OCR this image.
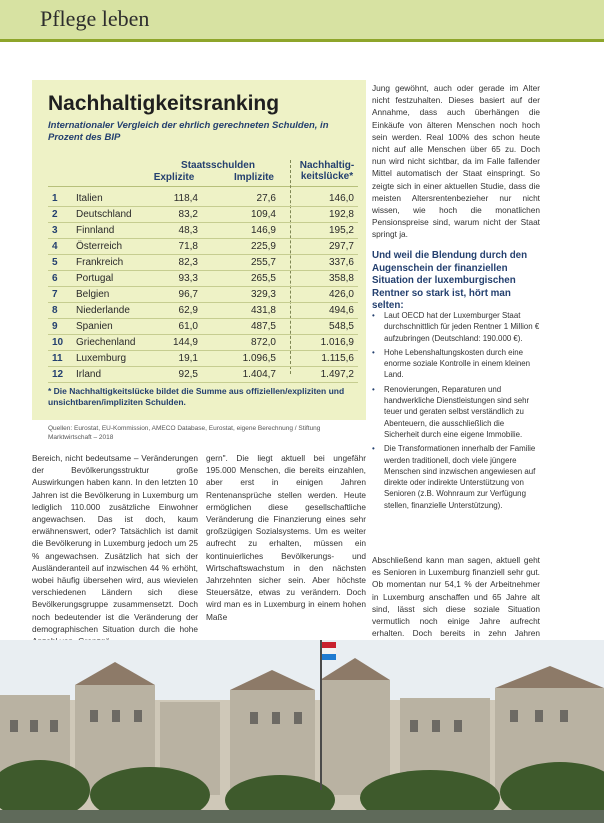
Pflege leben
Nachhaltigkeitsranking
Internationaler Vergleich der ehrlich gerechneten Schulden, in Prozent des BIP
Staatsschulden
Explizite	Implizite
Nachhaltig-
keitslücke*
1	Italien	118,4	27,6	146,0
2	Deutschland	83,2	109,4	192,8
3	Finnland	48,3	146,9	195,2
4	Österreich	71,8	225,9	297,7
5	Frankreich	82,3	255,7	337,6
6	Portugal	93,3	265,5	358,8
7	Belgien	96,7	329,3	426,0
8	Niederlande	62,9	431,8	494,6
9	Spanien	61,0	487,5	548,5
10 Griechenland	144,9	872,0	1.016,9
11	Luxemburg	19,1	1.096,5	1.115,6
12 Irland	92,5	1.404,7	1.497,2
* Die Nachhaltigkeitslücke bildet die Summe aus offiziellen/expliziten und unsichtbaren/impliziten Schulden.
Quellen: Eurostat, EU-Kommission, AMECO Database, Eurostat, eigene Berechnung / Stiftung Marktwirtschaft – 2018
Bereich, nicht bedeutsame – Veränderungen der Bevölkerungsstruktur große Auswirkungen haben kann. In den letzten 10 Jahren ist die Bevölkerung in Luxemburg um lediglich 110.000 zusätzliche Einwohner angewachsen. Das ist doch, kaum erwähnenswert, oder? Tatsächlich ist damit die Bevölkerung in Luxemburg jedoch um 25 % angewachsen. Zusätzlich hat sich der Ausländeranteil auf inzwischen 44 % erhöht, wobei häufig übersehen wird, aus wievielen verschiedenen Ländern sich diese Bevölkerungsgruppe zusammensetzt. Doch noch bedeutender ist die Veränderung der demographischen Situation durch die hohe
gern". Die liegt aktuell bei ungefähr 195.000 Menschen, die bereits einzahlen, aber erst in einigen Jahren Rentenansprüche stellen werden. Heute ermöglichen diese gesellschaftliche Veränderung die Finanzierung eines sehr großzügigen Sozialsystems. Um es weiter aufrecht zu erhalten, müssen ein kontinuierliches Bevölkerungs- und Wirtschaftswachstum in den nächsten Jahrzehnten sicher sein. Aber höchste Steuersätze, etwas zu verändern. Doch wird man es in Luxemburg in einem hohen Maße
Jung gewöhnt, auch oder gerade im Alter nicht festzuhalten. Dieses basiert auf der Annahme, dass auch überhängen die Einkäufe von älteren Menschen noch hoch sein werden. Real 100% des schon heute nicht auf alle Menschen über 65 zu. Doch nun wird nicht sichtbar, da im Falle fallender Mittel automatisch der Staat einspringt. So zeigte sich in einer aktuellen Studie, dass die meisten Altersrentenbezieher nur nicht wissen, wie hoch die monatlichen Pensionspreise sind, warum nicht der Staat springt ja.
Und weil die Blendung durch den Augenschein der finanziellen Situation der luxemburgischen Rentner so stark ist, hört man selten:
• Laut OECD hat der Luxemburger Staat durchschnittlich für jeden Rentner 1 Million € aufzubringen (Deutschland: 190.000 €).
• Hohe Lebenshaltungskosten durch eine enorme soziale Kontrolle in einem kleinen Land.
• Renovierungen, Reparaturen und handwerkliche Dienstleistungen sind sehr teuer und geraten selbst verständlich zu Abenteuern, die ausschließlich die Sicherheit durch eine eigene Immobilie.
• Die Transformationen innerhalb der Familie werden traditionell, doch viele jüngere Menschen sind inzwischen angewiesen auf direkte oder indirekte Unterstützung von Senioren (z.B. Wohnraum zur Verfügung stellen, finanzielle Unterstützung).
Abschließend kann man sagen, aktuell geht es Senioren in Luxemburg finanziell sehr gut. Ob momentan nur 54,1 % der Arbeitnehmer in Luxemburg anschaffen und 65 Jahre alt sind, lässt sich diese soziale Situation vermutlich noch einige Jahre aufrecht erhalten. Doch bereits in zehn Jahren
